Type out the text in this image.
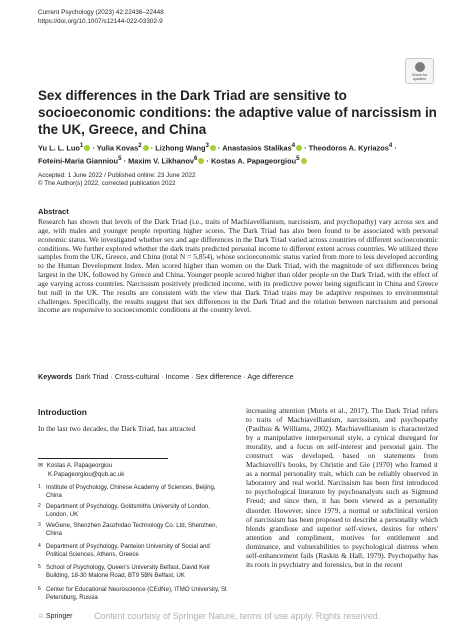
Current Psychology (2023) 42:22436–22448
https://doi.org/10.1007/s12144-022-03302-9
Check for
updates
Sex differences in the Dark Triad are sensitive to socioeconomic conditions: the adaptive value of narcissism in the UK, Greece, and China
Yu L. L. Luo$^1$ · Yulia Kovas$^2$ · Lizhong Wang$^3$ · Anastasios Stalikas$^4$ · Theodoros A. Kyriazos$^4$ ·
Foteini-Maria Gianniou$^5$ · Maxim V. Likhanov$^6$ · Kostas A. Papageorgiou$^5$
Accepted: 1 June 2022 / Published online: 23 June 2022
© The Author(s) 2022, corrected publication 2022
Abstract
Research has shown that levels of the Dark Triad (i.e., traits of Machiavellianism, narcissism, and psychopathy) vary across sex and age, with males and younger people reporting higher scores. The Dark Triad has also been found to be associated with personal economic status. We investigated whether sex and age differences in the Dark Triad varied across countries of different socioeconomic conditions. We further explored whether the dark traits predicted personal income to different extent across countries. We utilized three samples from the UK, Greece, and China (total N = 5,854), whose socioeconomic status varied from more to less developed according to the Human Development Index. Men scored higher than women on the Dark Triad, with the magnitude of sex differences being largest in the UK, followed by Greece and China. Younger people scored higher than older people on the Dark Triad, with the effect of age varying across countries. Narcissism positively predicted income, with its predictive power being significant in China and Greece but null in the UK. The results are consistent with the view that Dark Triad traits may be adaptive responses to environmental challenges. Specifically, the results suggest that sex differences in the Dark Triad and the relation between narcissism and personal income are responsive to socioeconomic conditions at the country level.
Keywords Dark Triad · Cross-cultural · Income · Sex difference · Age difference
Introduction
In the last two decades, the Dark Triad, has attracted
✉ Kostas A. Papageorgiou
K.Papageorgiou@qub.ac.uk
1 Institute of Psychology, Chinese Academy of Sciences, Beijing, China
2 Department of Psychology, Goldsmiths University of London, London, UK
3 WeGene, Shenzhen Zaozhidao Technology Co. Ltd, Shenzhen, China
4 Department of Psychology, Panteion University of Social and Political Sciences, Athens, Greece
5 School of Psychology, Queen's University Belfast, David Keir Building, 18-30 Malone Road, BT9 5BN Belfast, UK
6 Center for Educational Neuroscience (CEdNe), ITMO University, St Petersburg, Russia
increasing attention (Muris et al., 2017). The Dark Triad refers to traits of Machiavellianism, narcissism, and psychopathy (Paulhus & Williams, 2002). Machiavellianism is characterized by a manipulative interpersonal style, a cynical disregard for morality, and a focus on self-interest and personal gain. The construct was developed, based on statements from Machiavelli's books, by Christie and Gie (1970) who framed it as a normal personality trait, which can be reliably observed in laboratory and real world. Narcissism has been first introduced to psychological literature by psychoanalysts such as Sigmund Freud; and since then, it has been viewed as a personality disorder. However, since 1979, a normal or subclinical version of narcissism has been proposed to describe a personality which blends grandiose and superior self-views, desires for others' attention and compliment, motives for entitlement and dominance, and vulnerabilities to psychological distress when self-enhancement fails (Raskin & Hall, 1979). Psychopathy has its roots in psychiatry and forensics, but in the recent
♘ Springer	Content courtesy of Springer Nature, terms of use apply. Rights reserved.
